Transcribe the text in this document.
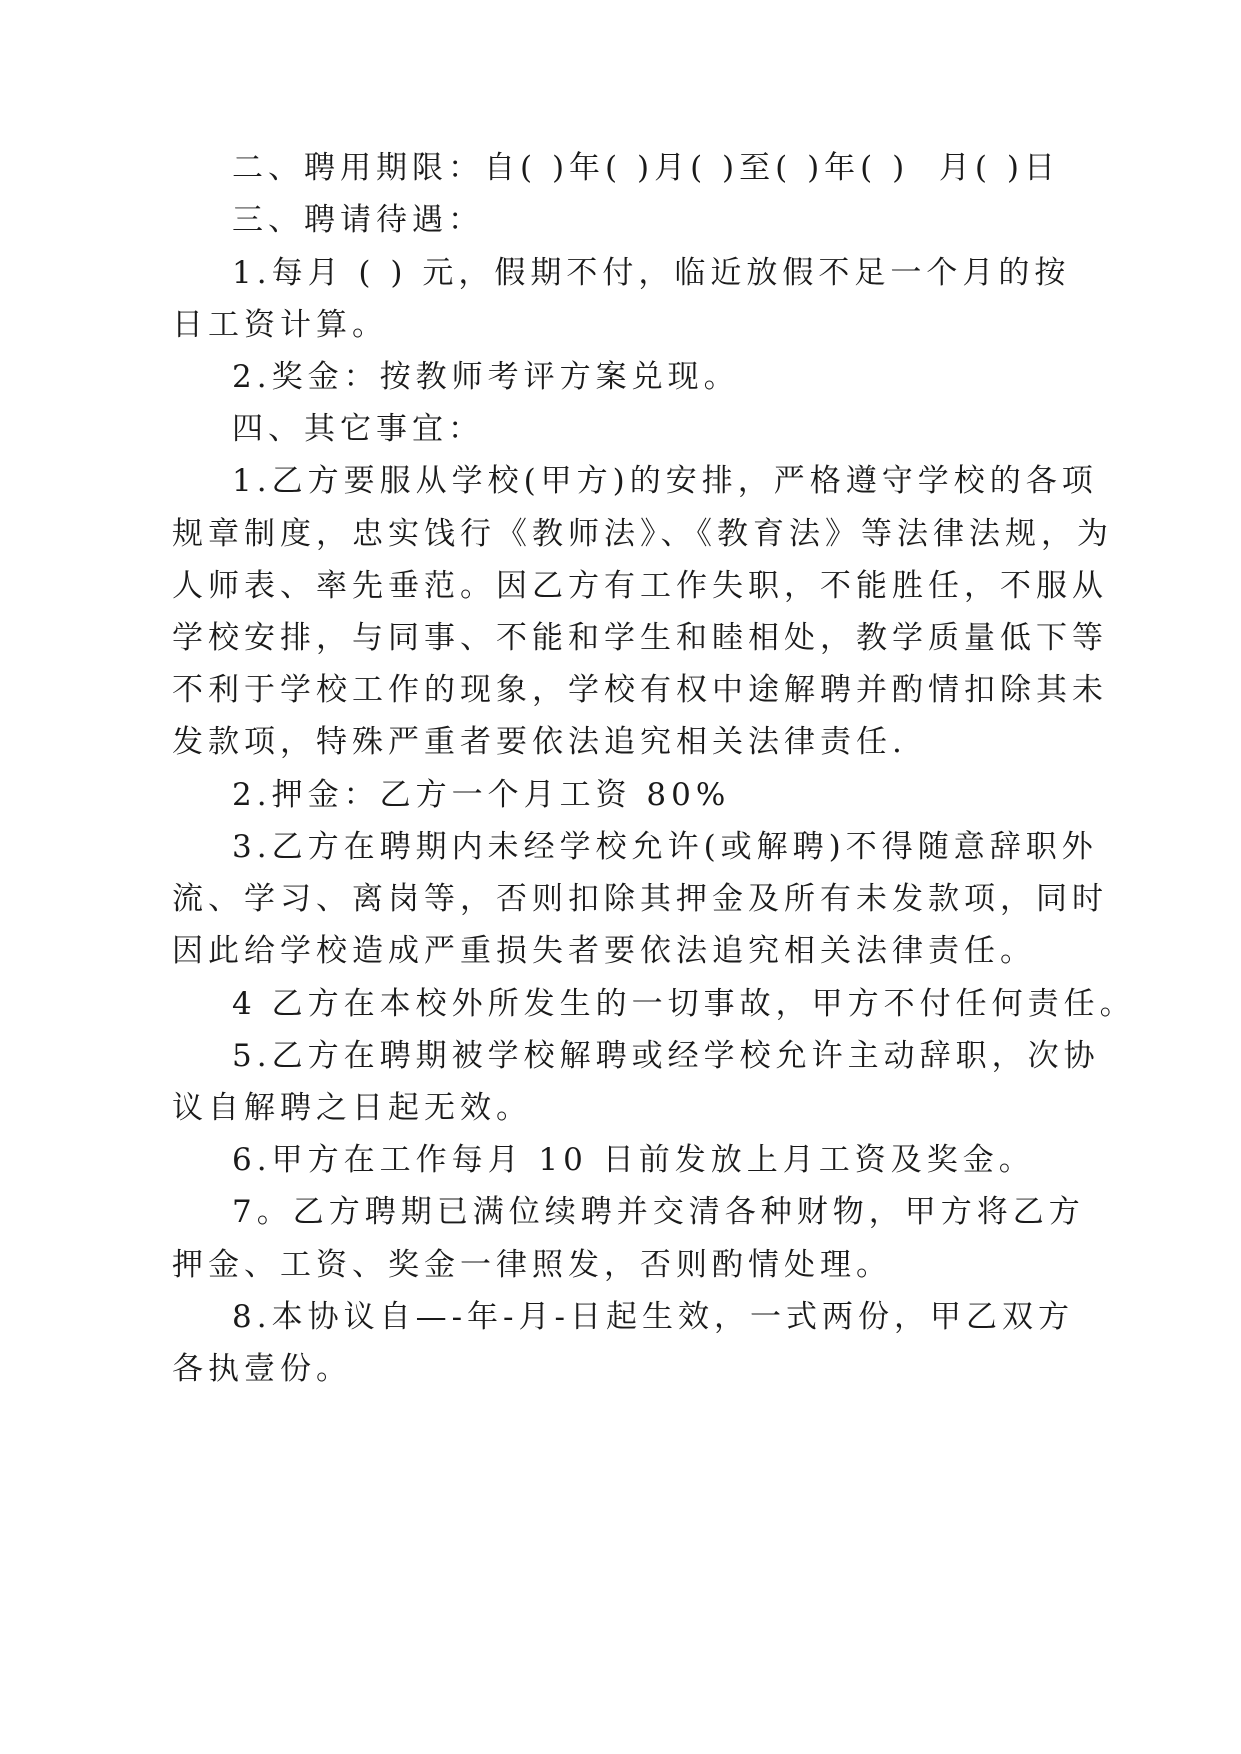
二、聘用期限：自( )年( )月( )至( )年( )  月( )日
三、聘请待遇：
1.每月 ( ) 元，假期不付，临近放假不足一个月的按
日工资计算。
2.奖金：按教师考评方案兑现。
四、其它事宜：
1.乙方要服从学校(甲方)的安排，严格遵守学校的各项
规章制度，忠实饯行《教师法》、《教育法》等法律法规，为
人师表、率先垂范。因乙方有工作失职，不能胜任，不服从
学校安排，与同事、不能和学生和睦相处，教学质量低下等
不利于学校工作的现象，学校有权中途解聘并酌情扣除其未
发款项，特殊严重者要依法追究相关法律责任.
2.押金：乙方一个月工资 80%
3.乙方在聘期内未经学校允许(或解聘)不得随意辞职外
流、学习、离岗等，否则扣除其押金及所有未发款项，同时
因此给学校造成严重损失者要依法追究相关法律责任。
4 乙方在本校外所发生的一切事故，甲方不付任何责任。
5.乙方在聘期被学校解聘或经学校允许主动辞职，次协
议自解聘之日起无效。
6.甲方在工作每月 10 日前发放上月工资及奖金。
7。乙方聘期已满位续聘并交清各种财物，甲方将乙方
押金、工资、奖金一律照发，否则酌情处理。
8.本协议自—-年-月-日起生效，一式两份，甲乙双方
各执壹份。
